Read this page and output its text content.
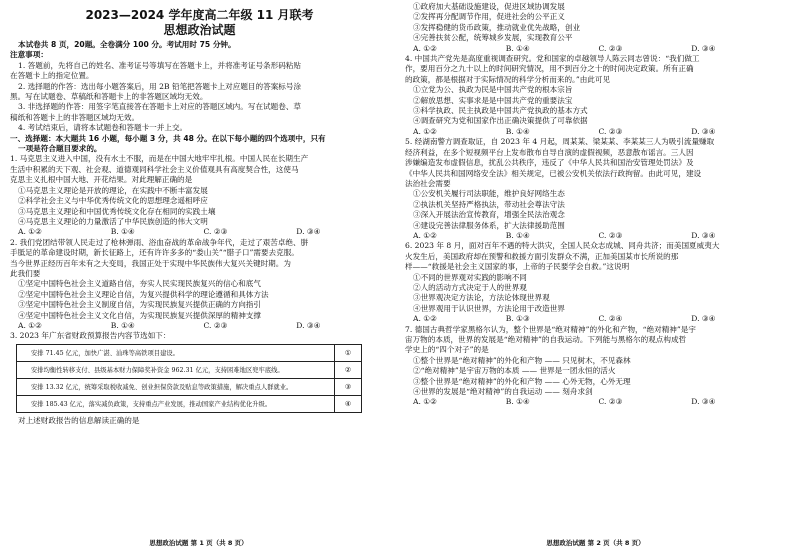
2023—2024 学年度高二年级 11 月联考
思想政治试题
本试卷共 8 页，20题。全卷满分 100 分。考试用时 75 分钟。
注意事项：
1. 答题前，先将自己的姓名、准考证号等填写在答题卡上，并将准考证号条形码粘贴
在答题卡上的指定位置。
2. 选择题的作答：选出每小题答案后，用 2B 铅笔把答题卡上对应题目的答案标号涂
黑。写在试题卷、草稿纸和答题卡上的非答题区域均无效。
3. 非选择题的作答：用签字笔直接答在答题卡上对应的答题区域内。写在试题卷、草
稿纸和答题卡上的非答题区域均无效。
4. 考试结束后，请将本试题卷和答题卡一并上交。
一、选择题：本大题共 16 小题，每小题 3 分，共 48 分。在以下每小题的四个选项中，只有
一项是符合题目要求的。
1. 马克思主义进入中国，没有水土不服，而是在中国大地牢牢扎根。中国人民在长期生产
生活中积累的天下观、社会观、道德观同科学社会主义价值观具有高度契合性，这使马
克思主义扎根中国大地、开花结果。对此理解正确的是
①马克思主义理论是开放的理论，在实践中不断丰富发展
②科学社会主义与中华优秀传统文化的思想理念遥相呼应
③马克思主义理论和中国优秀传统文化存在相同的实践土壤
④马克思主义理论的力量激活了中华民族创造的伟大文明
A. ①②	B. ①④	C. ②③	D. ③④
2. 我们党团结带领人民走过了枪林弹雨、浴血奋战的革命战争年代，走过了艰苦卓绝、胼
手胝足的革命建设时期，新长征路上，还有许许多多的“娄山关”“腊子口”需要去克服。
当今世界正经历百年未有之大变局，我国正处于实现中华民族伟大复兴关键时期。为
此我们要
①坚定中国特色社会主义道路自信，夯实人民实现民族复兴的信心和底气
②坚定中国特色社会主义理论自信，为复兴提供科学的理论遵循和具体方法
③坚定中国特色社会主义制度自信，为实现民族复兴提供正确的方向指引
④坚定中国特色社会主义文化自信，为实现民族复兴提供深厚的精神支撑
A. ①②	B. ①④	C. ②③	D. ③④
3. 2023 年广东省财政预算报告内容节选如下：
安排 71.45 亿元，加快广湛、汕珠等高铁项目建设。	①
安排均衡性转移支付、县级基本财力保障奖补资金 962.31 亿元，支持困难地区兜牢底线。	②
安排 13.32 亿元，统筹采取税收减免、创业担保贷款及贴息等政策措施，解决重点人群就业。	③
安排 185.43 亿元，落实减负政策，支持重点产业发展，推动国家产业结构优化升级。	④
对上述财政报告的信息解读正确的是
思想政治试题 第 1 页（共 8 页）
①政府加大基础设施建设，促进区域协调发展
②发挥再分配调节作用，促进社会的公平正义
③发挥稳健的货币政策，推动就业优先战略，创业
④完善扶贫公配，统筹城乡发展，实现教育公平
A. ①②	B. ①④	C. ②③	D. ③④
4. 中国共产党先是高度重视调查研究。党和国家的卓越领导人陈云同志曾说：“我们做工
作，要用百分之九十以上的时间研究情况，用不到百分之十的时间决定政策。所有正确
的政策，都是根据对于实际情况的科学分析而来的。”由此可见
①立党为公、执政为民是中国共产党的根本宗旨
②解放思想、实事求是是中国共产党的重要法宝
③科学执政、民主执政是中国共产党执政的基本方式
④调查研究为党和国家作出正确决策提供了可靠依据
A. ①②	B. ①④	C. ②③	D. ③④
5. 经湖南警方调查取证，自 2023 年 4 月起，周某某、梁某某、李某某三人为吸引流量赚取
经济利益，在多个短视频平台上发布散布自导自演的虚假视频，恶意散布谣言。三人因
涉嫌编造发布虚假信息，扰乱公共秩序，违反了《中华人民共和国治安管理处罚法》及
《中华人民共和国网络安全法》相关规定，已被公安机关依法行政拘留。由此可见，建设
法治社会需要
①公安机关履行司法职能，维护良好网络生态
②执法机关坚持严格执法，带动社会尊法守法
③深入开展法治宣传教育，增强全民法治观念
④建设完善法律服务体系，扩大法律援助范围
A. ①②	B. ①④	C. ②③	D. ③④
6. 2023 年 8 月，面对百年不遇的特大洪灾，全国人民众志成城、同舟共济；而美国夏威夷大
火发生后，美国政府却在预警和救援方面引发群众不满，正加美国某市长所说的那
样——“救援是社会主义国家的事，上帝的子民要学会自救。”这说明
①不同的世界观对实践的影响不同
②人的活动方式决定于人的世界观
③世界观决定方法论，方法论体现世界观
④世界观用于认识世界，方法论用于改造世界
A. ①②	B. ①③	C. ②④	D. ③④
7. 德国古典哲学家黑格尔认为，整个世界是“绝对精神”的外化和产物，“绝对精神”是宇
宙万物的本质，世界的发展是“绝对精神”的自我运动。下列能与黑格尔的观点构成哲
学史上的“四个对子”的是
①整个世界是“绝对精神”的外化和产物 —— 只见树木，不见森林
②“绝对精神”是宇宙万物的本质 —— 世界是一团永恒的活火
③整个世界是“绝对精神”的外化和产物 —— 心外无物，心外无理
④世界的发展是“绝对精神”的自我运动 —— 刻舟求剑
A. ①②	B. ①④	C. ②③	D. ③④
思想政治试题 第 2 页（共 8 页）
